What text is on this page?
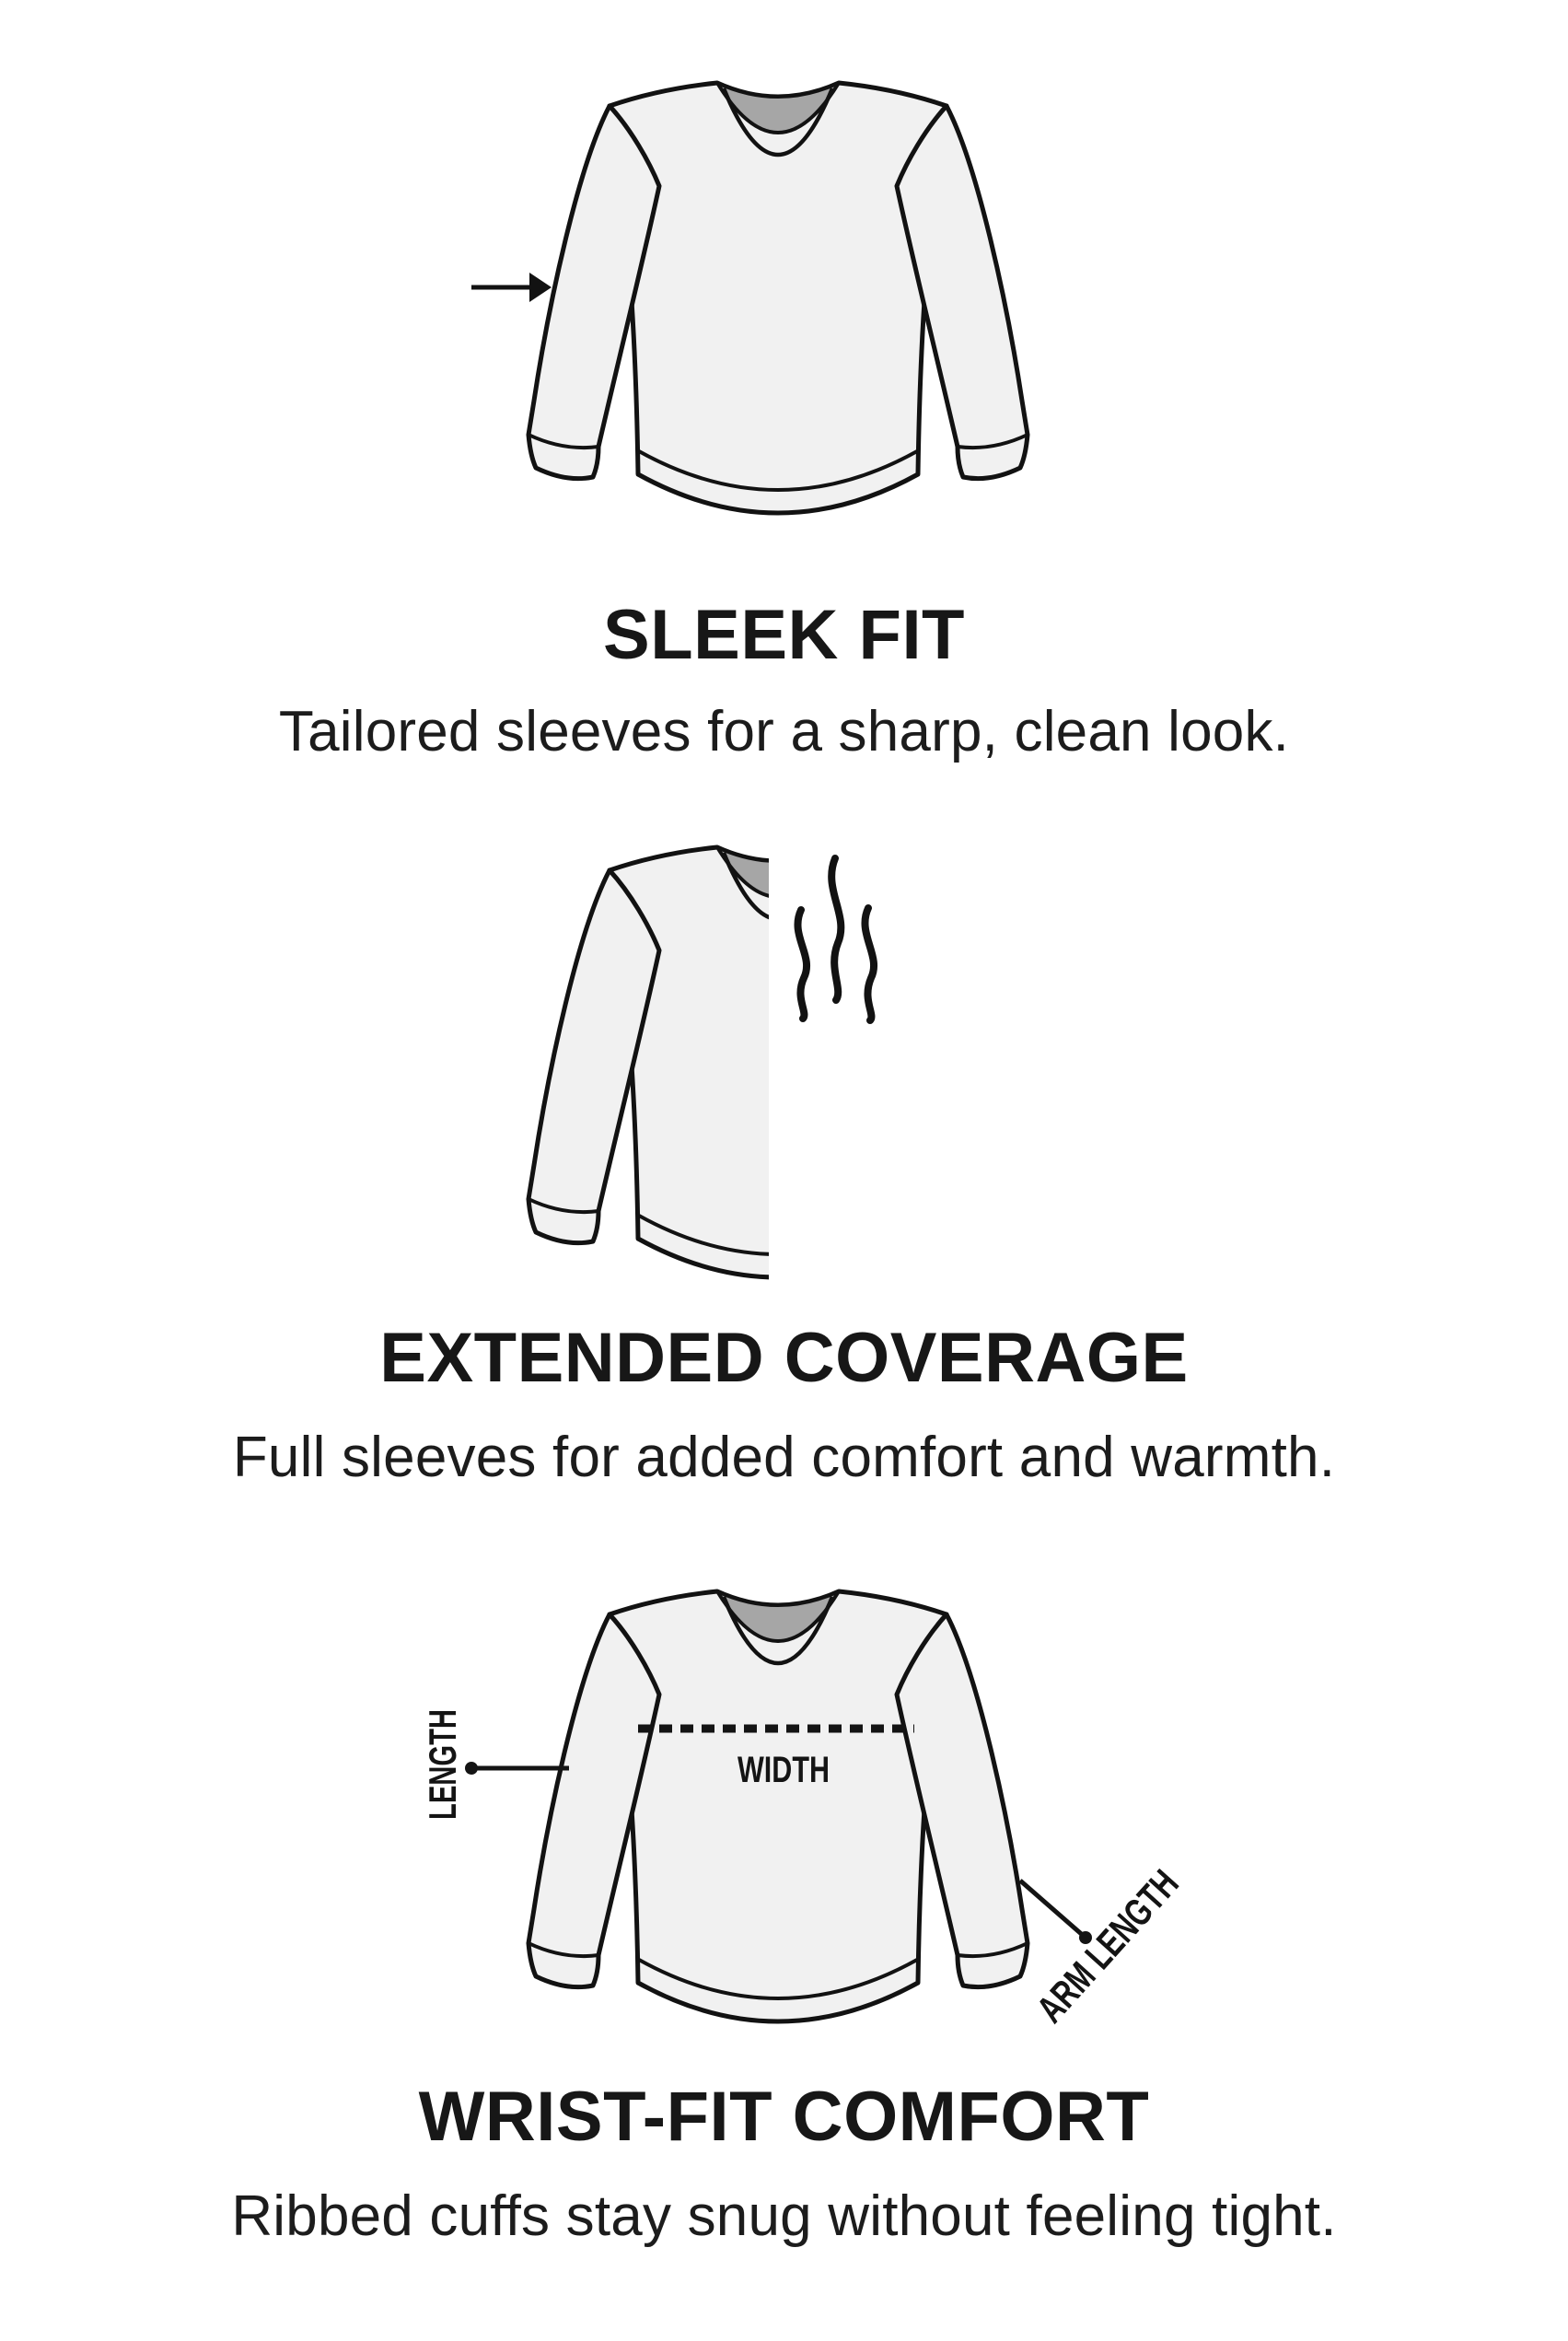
SLEEK FIT
Tailored sleeves for a sharp, clean look.
EXTENDED COVERAGE
Full sleeves for added comfort and warmth.
LENGTH	WIDTH
ARM LENGTH
WRIST-FIT COMFORT
Ribbed cuffs stay snug without feeling tight.
